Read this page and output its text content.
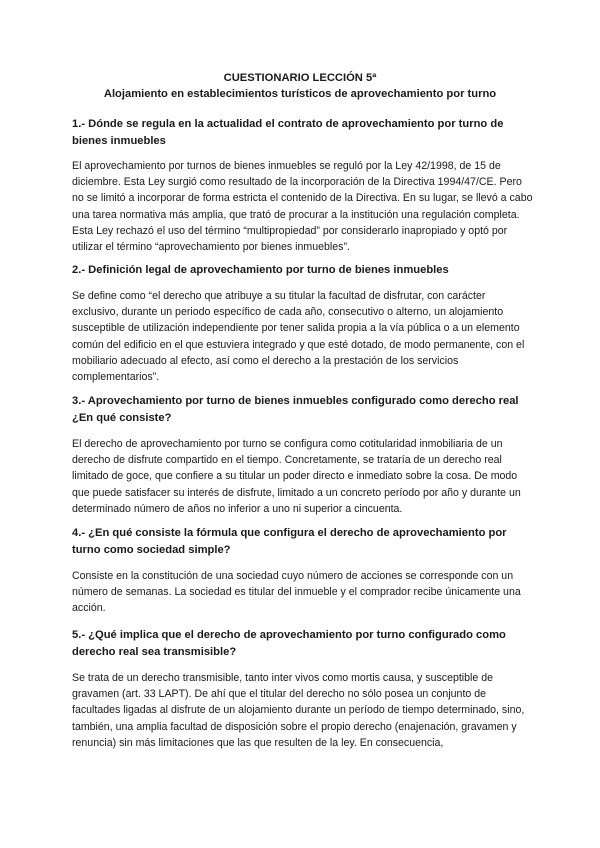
CUESTIONARIO LECCIÓN 5ª
Alojamiento en establecimientos turísticos de aprovechamiento por turno

1.- Dónde se regula en la actualidad el contrato de aprovechamiento por turno de bienes inmuebles

El aprovechamiento por turnos de bienes inmuebles se reguló por la Ley 42/1998, de 15 de diciembre. Esta Ley surgió como resultado de la incorporación de la Directiva 1994/47/CE. Pero no se limitó a incorporar de forma estricta el contenido de la Directiva. En su lugar, se llevó a cabo una tarea normativa más amplia, que trató de procurar a la institución una regulación completa. Esta Ley rechazó el uso del término “multipropiedad” por considerarlo inapropiado y optó por utilizar el término “aprovechamiento por bienes inmuebles”.

2.- Definición legal de aprovechamiento por turno de bienes inmuebles

Se define como “el derecho que atribuye a su titular la facultad de disfrutar, con carácter exclusivo, durante un periodo específico de cada año, consecutivo o alterno, un alojamiento susceptible de utilización independiente por tener salida propia a la vía pública o a un elemento común del edificio en el que estuviera integrado y que esté dotado, de modo permanente, con el mobiliario adecuado al efecto, así como el derecho a la prestación de los servicios complementarios”.

3.- Aprovechamiento por turno de bienes inmuebles configurado como derecho real ¿En qué consiste?

El derecho de aprovechamiento por turno se configura como cotitularidad inmobiliaria de un derecho de disfrute compartido en el tiempo. Concretamente, se trataría de un derecho real limitado de goce, que confiere a su titular un poder directo e inmediato sobre la cosa. De modo que puede satisfacer su interés de disfrute, limitado a un concreto período por año y durante un determinado número de años no inferior a uno ni superior a cincuenta.

4.- ¿En qué consiste la fórmula que configura el derecho de aprovechamiento por turno como sociedad simple?

Consiste en la constitución de una sociedad cuyo número de acciones se corresponde con un número de semanas. La sociedad es titular del inmueble y el comprador recibe únicamente una acción.

5.- ¿Qué implica que el derecho de aprovechamiento por turno configurado como derecho real sea transmisible?

Se trata de un derecho transmisible, tanto inter vivos como mortis causa, y susceptible de gravamen (art. 33 LAPT). De ahí que el titular del derecho no sólo posea un conjunto de facultades ligadas al disfrute de un alojamiento durante un período de tiempo determinado, sino, también, una amplia facultad de disposición sobre el propio derecho (enajenación, gravamen y renuncia) sin más limitaciones que las que resulten de la ley. En consecuencia,
